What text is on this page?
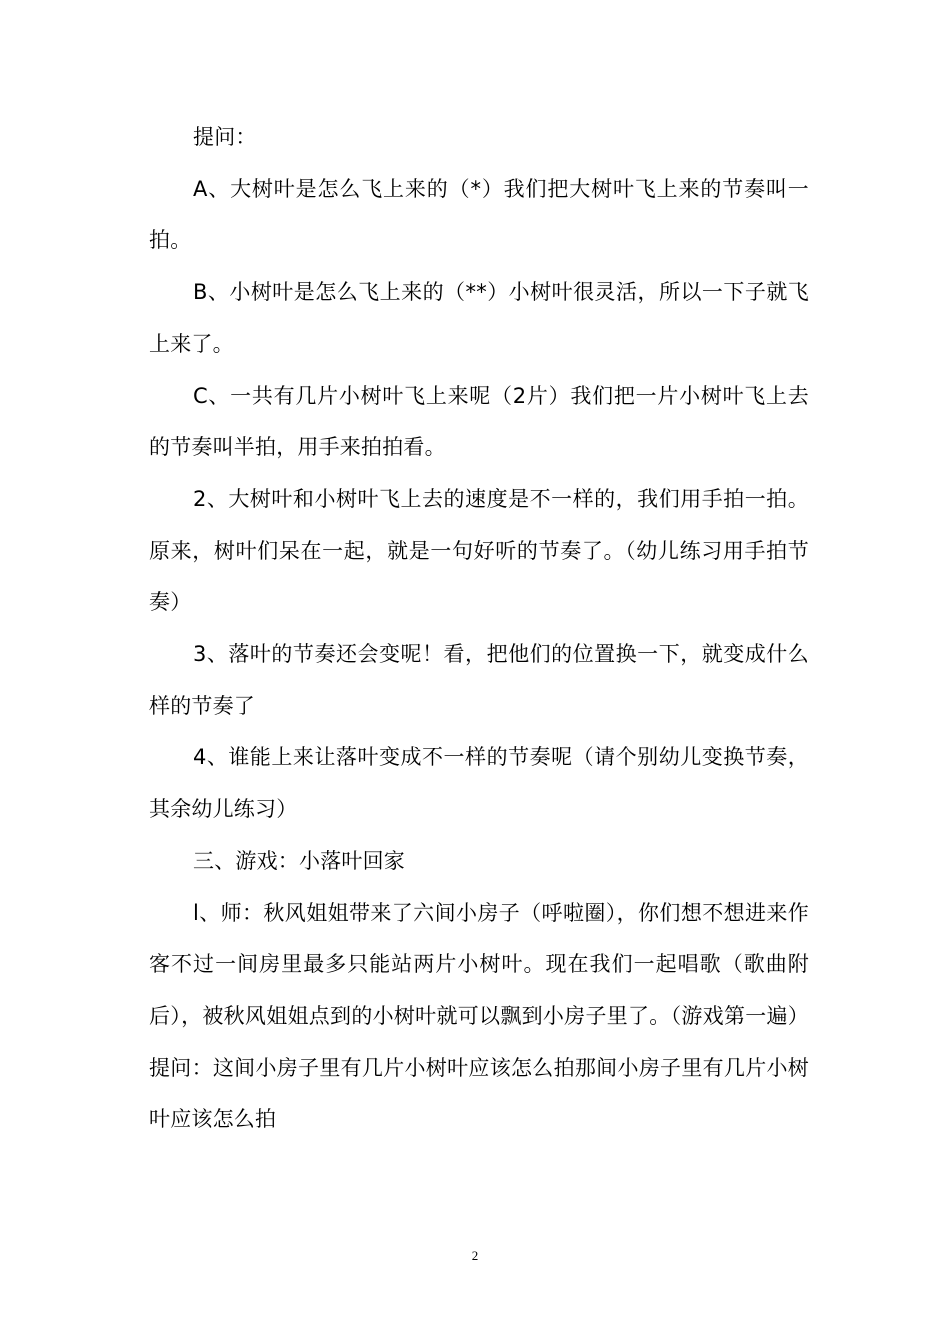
提问：

A、大树叶是怎么飞上来的（*）我们把大树叶飞上来的节奏叫一拍。

B、小树叶是怎么飞上来的（**）小树叶很灵活，所以一下子就飞上来了。

C、一共有几片小树叶飞上来呢（2片）我们把一片小树叶飞上去的节奏叫半拍，用手来拍拍看。

2、大树叶和小树叶飞上去的速度是不一样的，我们用手拍一拍。原来，树叶们呆在一起，就是一句好听的节奏了。（幼儿练习用手拍节奏）

3、落叶的节奏还会变呢！看，把他们的位置换一下，就变成什么样的节奏了

4、谁能上来让落叶变成不一样的节奏呢（请个别幼儿变换节奏，其余幼儿练习）

三、游戏：小落叶回家

l、师：秋风姐姐带来了六间小房子（呼啦圈），你们想不想进来作客不过一间房里最多只能站两片小树叶。现在我们一起唱歌（歌曲附后），被秋风姐姐点到的小树叶就可以飘到小房子里了。（游戏第一遍）提问：这间小房子里有几片小树叶应该怎么拍那间小房子里有几片小树叶应该怎么拍

2
